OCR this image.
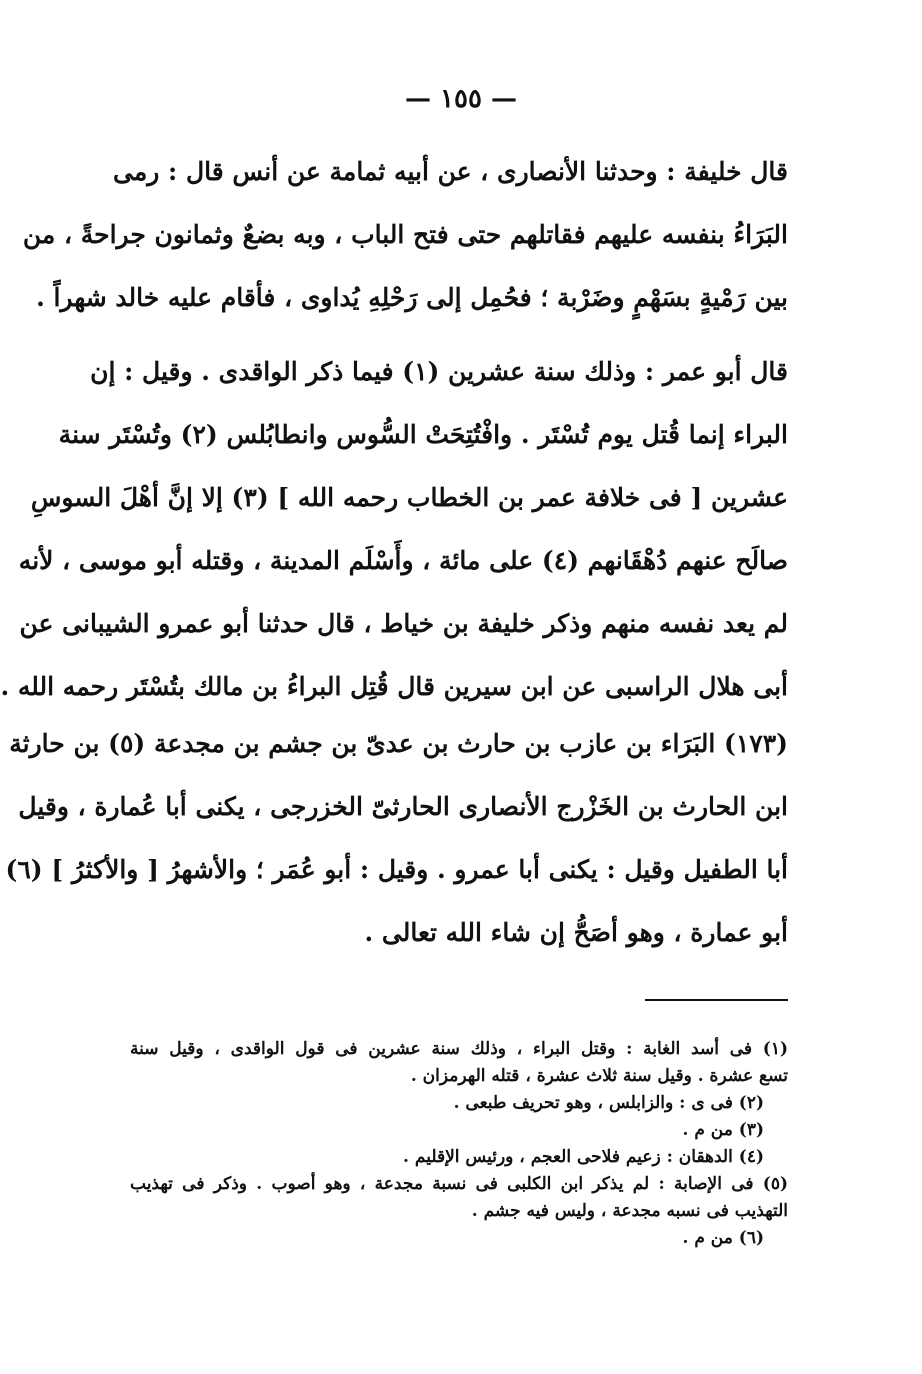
— ١٥٥ —
قال خليفة : وحدثنا الأنصارى ، عن أبيه ثمامة عن أنس قال : رمى
البَرَاءُ بنفسه عليهم فقاتلهم حتى فتح الباب ، وبه بضعٌ وثمانون جراحةً ، من
بين رَمْيةٍ بسَهْمٍ وضَرْبة ؛ فحُمِل إلى رَحْلِهِ يُداوى ، فأقام عليه خالد شهراً .
قال أبو عمر : وذلك سنة عشرين (١) فيما ذكر الواقدى . وقيل : إن
البراء إنما قُتل يوم تُسْتَر . وافْتُتِحَتْ السُّوس وانطابُلس (٢) وتُسْتَر سنة
عشرين [ فى خلافة عمر بن الخطاب رحمه الله ] (٣) إلا إنَّ أهْلَ السوسِ
صالَح عنهم دُهْقَانهم (٤) على مائة ، وأَسْلَم المدينة ، وقتله أبو موسى ، لأنه
لم يعد نفسه منهم وذكر خليفة بن خياط ، قال حدثنا أبو عمرو الشيبانى عن
أبى هلال الراسبى عن ابن سيرين قال قُتِل البراءُ بن مالك بتُسْتَر رحمه الله .
(١٧٣) البَرَاء بن عازب بن حارث بن عدىّ بن جشم بن مجدعة (٥) بن حارثة
ابن الحارث بن الخَزْرج الأنصارى الحارثىّ الخزرجى ، يكنى أبا عُمارة ، وقيل
أبا الطفيل وقيل : يكنى أبا عمرو . وقيل : أبو عُمَر ؛ والأشهرُ [ والأكثرُ ] (٦)
أبو عمارة ، وهو أصَحُّ إن شاء الله تعالى .
(١) فى أسد الغابة : وقتل البراء ، وذلك سنة عشرين فى قول الواقدى ، وقيل سنة
تسع عشرة . وقيل سنة ثلاث عشرة ، قتله الهرمزان .
(٢) فى ى : والزابلس ، وهو تحريف طبعى .
(٣) من م .
(٤) الدهقان : زعيم فلاحى العجم ، ورئيس الإقليم .
(٥) فى الإصابة : لم يذكر ابن الكلبى فى نسبة مجدعة ، وهو أصوب . وذكر فى تهذيب
التهذيب فى نسبه مجدعة ، وليس فيه جشم .
(٦) من م .
